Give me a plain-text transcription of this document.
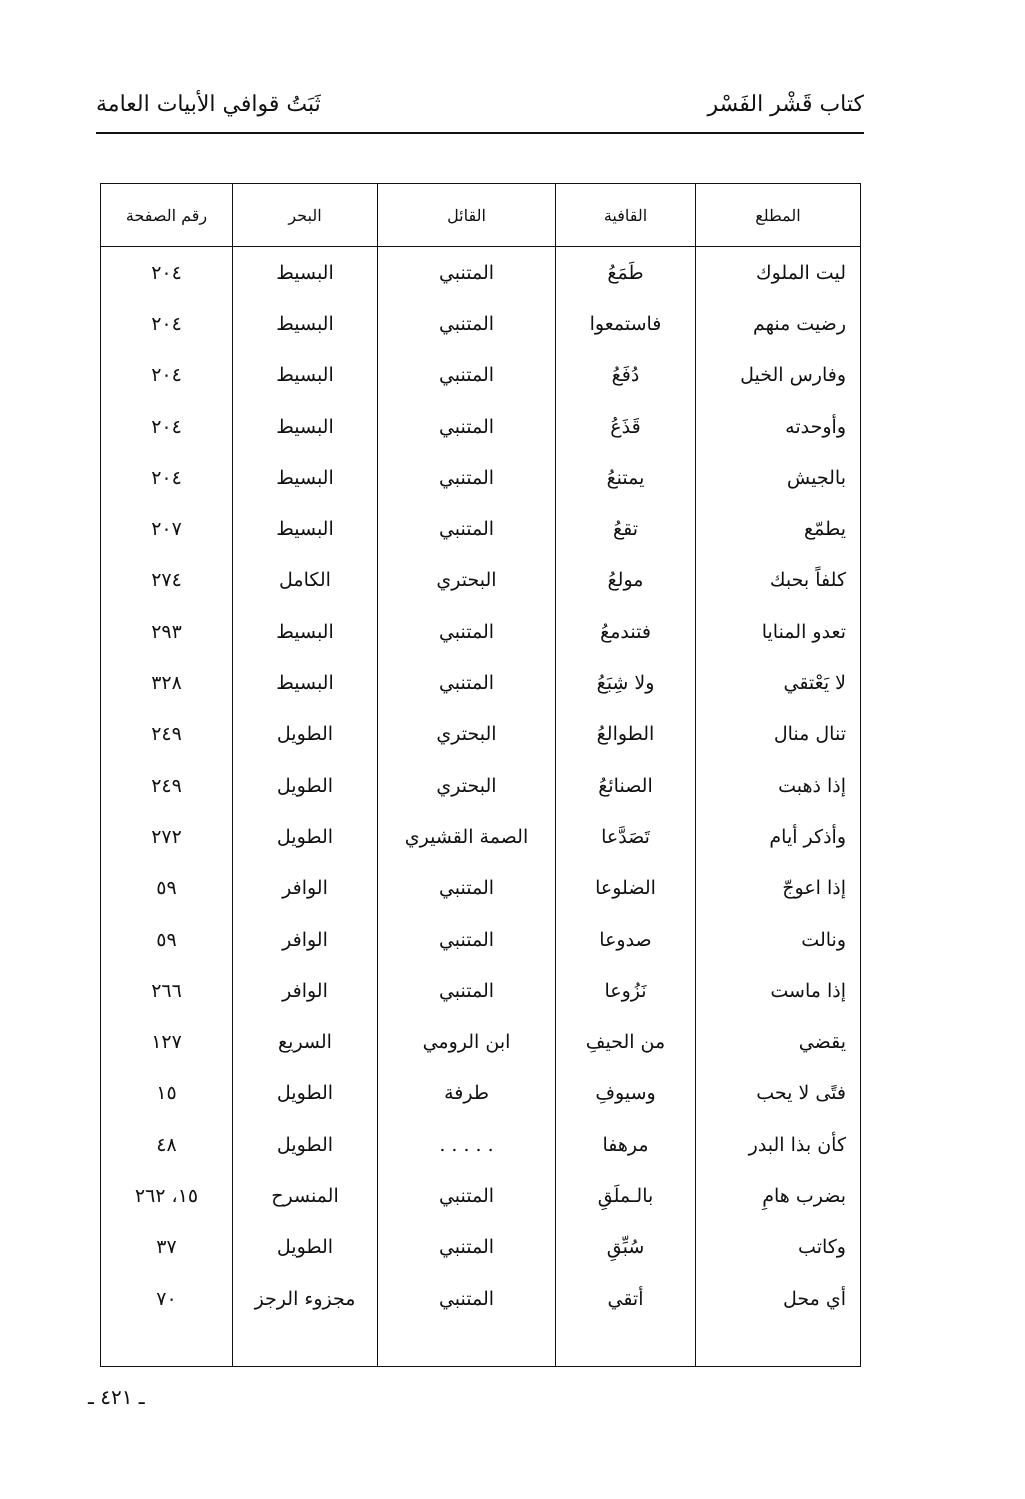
كتاب قَشْر الفَسْر
ثَبَتُ قوافي الأبيات العامة
المطلع	القافية	القائل	البحر	رقم الصفحة
ليت الملوك	طَمَعُ	المتنبي	البسيط	٢٠٤
رضيت منهم	فاستمعوا	المتنبي	البسيط	٢٠٤
وفارس الخيل	دُفَعُ	المتنبي	البسيط	٢٠٤
وأوحدته	قَذَعُ	المتنبي	البسيط	٢٠٤
بالجيش	يمتنعُ	المتنبي	البسيط	٢٠٤
يطمّع	تقعُ	المتنبي	البسيط	٢٠٧
كلفاً بحبك	مولعُ	البحتري	الكامل	٢٧٤
تعدو المنايا	فتندمعُ	المتنبي	البسيط	٢٩٣
لا يَعْتقي	ولا شِبَعُ	المتنبي	البسيط	٣٢٨
تنال منال	الطوالعُ	البحتري	الطويل	٢٤٩
إذا ذهبت	الصنائعُ	البحتري	الطويل	٢٤٩
وأذكر أيام	تَصَدَّعا	الصمة القشيري	الطويل	٢٧٢
إذا اعوجّ	الضلوعا	المتنبي	الوافر	٥٩
ونالت	صدوعا	المتنبي	الوافر	٥٩
إذا ماست	نَزُوعا	المتنبي	الوافر	٢٦٦
يقضي	من الحيفِ	ابن الرومي	السريع	١٢٧
فتًى لا يحب	وسيوفِ	طرفة	الطويل	١٥
كأن بذا البدر	مرهفا	. . . . .	الطويل	٤٨
بضرب هامِ	بالـملَقِ	المتنبي	المنسرح	١٥، ٢٦٢
وكاتب	سُبِّقِ	المتنبي	الطويل	٣٧
أي محل	أتقي	المتنبي	مجزوء الرجز	٧٠

ـ ٤٢١ ـ
